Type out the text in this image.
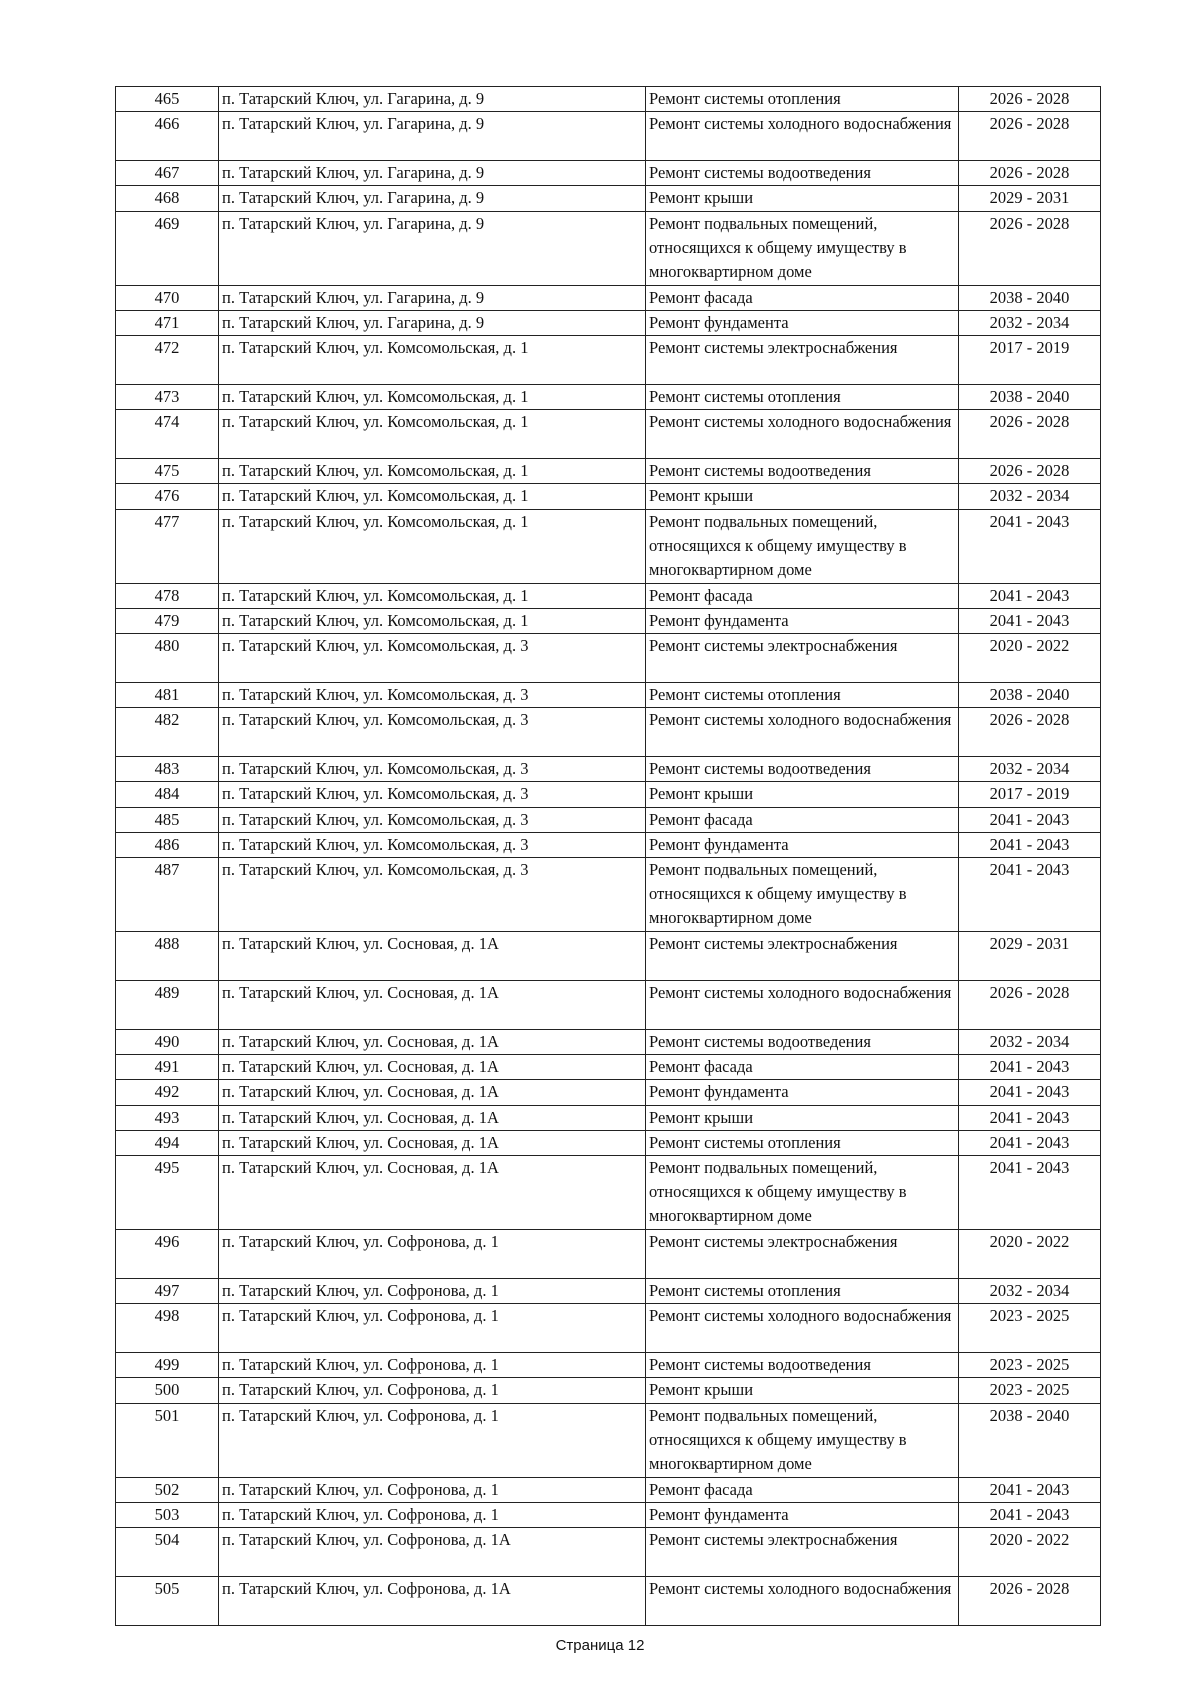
465	п. Татарский Ключ, ул. Гагарина, д. 9	Ремонт системы отопления	2026 - 2028
466	п. Татарский Ключ, ул. Гагарина, д. 9	Ремонт системы холодного водоснабжения	2026 - 2028
467	п. Татарский Ключ, ул. Гагарина, д. 9	Ремонт системы водоотведения	2026 - 2028
468	п. Татарский Ключ, ул. Гагарина, д. 9	Ремонт крыши	2029 - 2031
469	п. Татарский Ключ, ул. Гагарина, д. 9	Ремонт подвальных помещений, относящихся к общему имуществу в многоквартирном доме	2026 - 2028
470	п. Татарский Ключ, ул. Гагарина, д. 9	Ремонт фасада	2038 - 2040
471	п. Татарский Ключ, ул. Гагарина, д. 9	Ремонт фундамента	2032 - 2034
472	п. Татарский Ключ, ул. Комсомольская, д. 1	Ремонт системы электроснабжения	2017 - 2019
473	п. Татарский Ключ, ул. Комсомольская, д. 1	Ремонт системы отопления	2038 - 2040
474	п. Татарский Ключ, ул. Комсомольская, д. 1	Ремонт системы холодного водоснабжения	2026 - 2028
475	п. Татарский Ключ, ул. Комсомольская, д. 1	Ремонт системы водоотведения	2026 - 2028
476	п. Татарский Ключ, ул. Комсомольская, д. 1	Ремонт крыши	2032 - 2034
477	п. Татарский Ключ, ул. Комсомольская, д. 1	Ремонт подвальных помещений, относящихся к общему имуществу в многоквартирном доме	2041 - 2043
478	п. Татарский Ключ, ул. Комсомольская, д. 1	Ремонт фасада	2041 - 2043
479	п. Татарский Ключ, ул. Комсомольская, д. 1	Ремонт фундамента	2041 - 2043
480	п. Татарский Ключ, ул. Комсомольская, д. 3	Ремонт системы электроснабжения	2020 - 2022
481	п. Татарский Ключ, ул. Комсомольская, д. 3	Ремонт системы отопления	2038 - 2040
482	п. Татарский Ключ, ул. Комсомольская, д. 3	Ремонт системы холодного водоснабжения	2026 - 2028
483	п. Татарский Ключ, ул. Комсомольская, д. 3	Ремонт системы водоотведения	2032 - 2034
484	п. Татарский Ключ, ул. Комсомольская, д. 3	Ремонт крыши	2017 - 2019
485	п. Татарский Ключ, ул. Комсомольская, д. 3	Ремонт фасада	2041 - 2043
486	п. Татарский Ключ, ул. Комсомольская, д. 3	Ремонт фундамента	2041 - 2043
487	п. Татарский Ключ, ул. Комсомольская, д. 3	Ремонт подвальных помещений, относящихся к общему имуществу в многоквартирном доме	2041 - 2043
488	п. Татарский Ключ, ул. Сосновая, д. 1А	Ремонт системы электроснабжения	2029 - 2031
489	п. Татарский Ключ, ул. Сосновая, д. 1А	Ремонт системы холодного водоснабжения	2026 - 2028
490	п. Татарский Ключ, ул. Сосновая, д. 1А	Ремонт системы водоотведения	2032 - 2034
491	п. Татарский Ключ, ул. Сосновая, д. 1А	Ремонт фасада	2041 - 2043
492	п. Татарский Ключ, ул. Сосновая, д. 1А	Ремонт фундамента	2041 - 2043
493	п. Татарский Ключ, ул. Сосновая, д. 1А	Ремонт крыши	2041 - 2043
494	п. Татарский Ключ, ул. Сосновая, д. 1А	Ремонт системы отопления	2041 - 2043
495	п. Татарский Ключ, ул. Сосновая, д. 1А	Ремонт подвальных помещений, относящихся к общему имуществу в многоквартирном доме	2041 - 2043
496	п. Татарский Ключ, ул. Софронова, д. 1	Ремонт системы электроснабжения	2020 - 2022
497	п. Татарский Ключ, ул. Софронова, д. 1	Ремонт системы отопления	2032 - 2034
498	п. Татарский Ключ, ул. Софронова, д. 1	Ремонт системы холодного водоснабжения	2023 - 2025
499	п. Татарский Ключ, ул. Софронова, д. 1	Ремонт системы водоотведения	2023 - 2025
500	п. Татарский Ключ, ул. Софронова, д. 1	Ремонт крыши	2023 - 2025
501	п. Татарский Ключ, ул. Софронова, д. 1	Ремонт подвальных помещений, относящихся к общему имуществу в многоквартирном доме	2038 - 2040
502	п. Татарский Ключ, ул. Софронова, д. 1	Ремонт фасада	2041 - 2043
503	п. Татарский Ключ, ул. Софронова, д. 1	Ремонт фундамента	2041 - 2043
504	п. Татарский Ключ, ул. Софронова, д. 1А	Ремонт системы электроснабжения	2020 - 2022
505	п. Татарский Ключ, ул. Софронова, д. 1А	Ремонт системы холодного водоснабжения	2026 - 2028
Страница 12
